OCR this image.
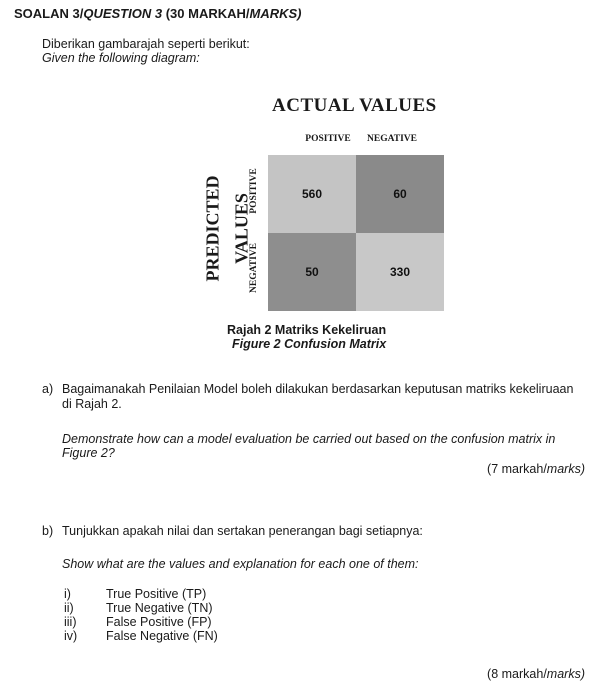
SOALAN 3/QUESTION 3 (30 MARKAH/MARKS)
Diberikan gambarajah seperti berikut:
Given the following diagram:
ACTUAL VALUES
POSITIVE	NEGATIVE
PREDICTED VALUES
POSITIVE
NEGATIVE
560	60
50	330
Rajah 2 Matriks Kekeliruan
Figure 2 Confusion Matrix
a) Bagaimanakah Penilaian Model boleh dilakukan berdasarkan keputusan matriks kekeliruaan
di Rajah 2.
Demonstrate how can a model evaluation be carried out based on the confusion matrix in
Figure 2?
(7 markah/marks)
b) Tunjukkan apakah nilai dan sertakan penerangan bagi setiapnya:
Show what are the values and explanation for each one of them:
i)	True Positive (TP)
ii)	True Negative (TN)
iii) False Positive (FP)
iv) False Negative (FN)
(8 markah/marks)
